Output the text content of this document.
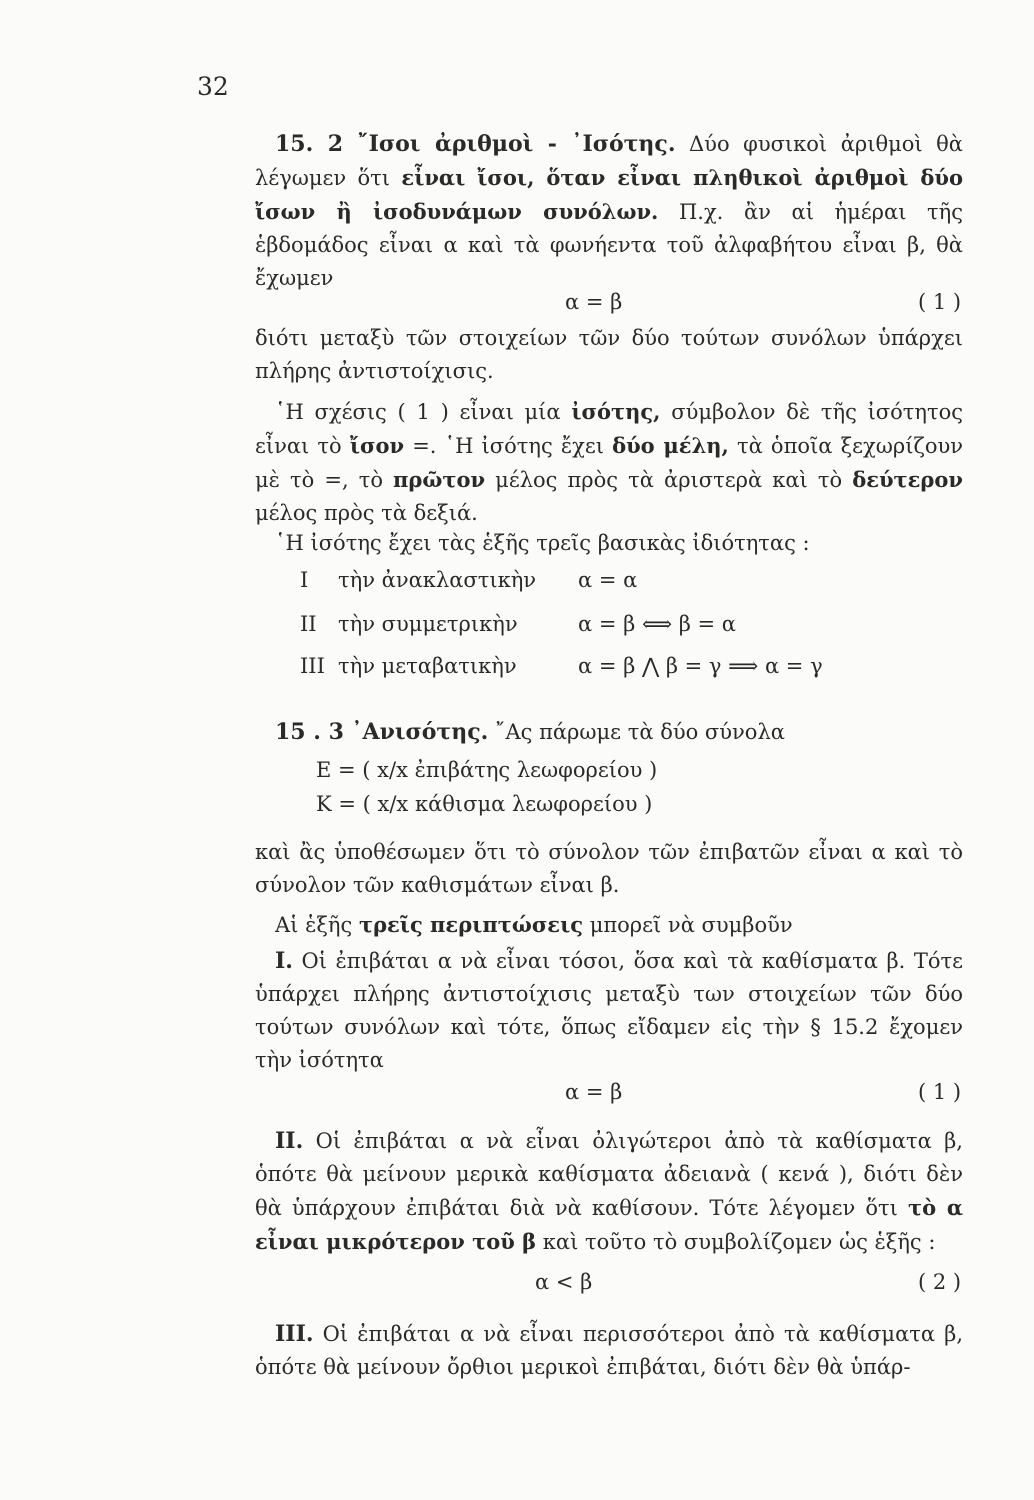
32

15. 2 ῎Ισοι ἀριθμοὶ - ᾿Ισότης. Δύο φυσικοὶ ἀριθμοὶ θὰ λέγωμεν ὅτι εἶναι ἴσοι, ὅταν εἶναι πληθικοὶ ἀριθμοὶ δύο ἴσων ἢ ἰσοδυνάμων συνόλων. Π.χ. ἂν αἱ ἡμέραι τῆς ἑβδομάδος εἶναι α καὶ τὰ φωνήεντα τοῦ ἀλφαβήτου εἶναι β, θὰ ἔχωμεν

α = β	( 1 )

διότι μεταξὺ τῶν στοιχείων τῶν δύο τούτων συνόλων ὑπάρχει πλήρης ἀντιστοίχισις.

῾Η σχέσις ( 1 ) εἶναι μία ἰσότης, σύμβολον δὲ τῆς ἰσότητος εἶναι τὸ ἴσον =. ῾Η ἰσότης ἔχει δύο μέλη, τὰ ὁποῖα ξεχωρίζουν μὲ τὸ =, τὸ πρῶτον μέλος πρὸς τὰ ἀριστερὰ καὶ τὸ δεύτερον μέλος πρὸς τὰ δεξιά.

῾Η ἰσότης ἔχει τὰς ἑξῆς τρεῖς βασικὰς ἰδιότητας :

I τὴν ἀνακλαστικὴν α = α
II τὴν συμμετρικὴν	α = β ⟺ β = α
III τὴν μεταβατικὴν	α = β ⋀ β = γ ⟹ α = γ

15 . 3 ᾿Ανισότης. ῎Ας πάρωμε τὰ δύο σύνολα

Ε = ( x/x ἐπιβάτης λεωφορείου )
Κ = ( x/x κάθισμα λεωφορείου )

καὶ ἂς ὑποθέσωμεν ὅτι τὸ σύνολον τῶν ἐπιβατῶν εἶναι α καὶ τὸ σύνολον τῶν καθισμάτων εἶναι β.

Αἱ ἑξῆς τρεῖς περιπτώσεις μπορεῖ νὰ συμβοῦν

I. Οἱ ἐπιβάται α νὰ εἶναι τόσοι, ὅσα καὶ τὰ καθίσματα β. Τότε ὑπάρχει πλήρης ἀντιστοίχισις μεταξὺ των στοιχείων τῶν δύο τούτων συνόλων καὶ τότε, ὅπως εἴδαμεν εἰς τὴν § 15.2 ἔχομεν τὴν ἰσότητα

α = β	( 1 )

II. Οἱ ἐπιβάται α νὰ εἶναι ὀλιγώτεροι ἀπὸ τὰ καθίσματα β, ὁπότε θὰ μείνουν μερικὰ καθίσματα ἀδειανὰ ( κενά ), διότι δὲν θὰ ὑπάρχουν ἐπιβάται διὰ νὰ καθίσουν. Τότε λέγομεν ὅτι τὸ α εἶναι μικρότερον τοῦ β καὶ τοῦτο τὸ συμβολίζομεν ὡς ἑξῆς :

α < β	( 2 )

III. Οἱ ἐπιβάται α νὰ εἶναι περισσότεροι ἀπὸ τὰ καθίσματα β, ὁπότε θὰ μείνουν ὄρθιοι μερικοὶ ἐπιβάται, διότι δὲν θὰ ὑπάρ-
